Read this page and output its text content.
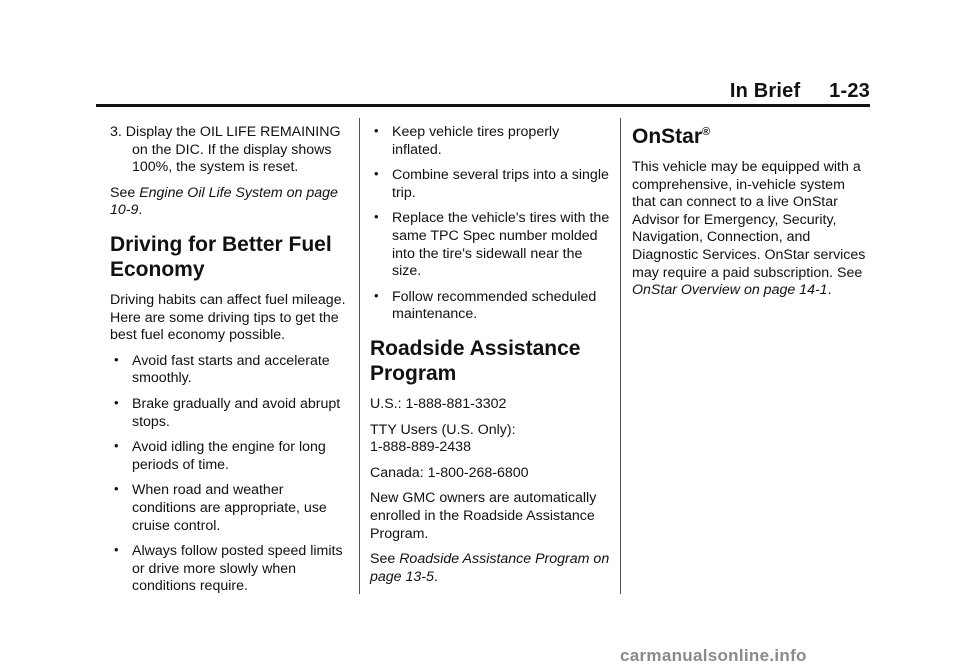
In Brief 1-23

3. Display the OIL LIFE REMAINING on the DIC. If the display shows 100%, the system is reset.

See Engine Oil Life System on page 10-9.

Driving for Better Fuel Economy

Driving habits can affect fuel mileage. Here are some driving tips to get the best fuel economy possible.

• Avoid fast starts and accelerate smoothly.
• Brake gradually and avoid abrupt stops.
• Avoid idling the engine for long periods of time.
• When road and weather conditions are appropriate, use cruise control.
• Always follow posted speed limits or drive more slowly when conditions require.
• Keep vehicle tires properly inflated.
• Combine several trips into a single trip.
• Replace the vehicle's tires with the same TPC Spec number molded into the tire's sidewall near the size.
• Follow recommended scheduled maintenance.
Roadside Assistance Program

U.S.: 1-888-881-3302

TTY Users (U.S. Only):
1-888-889-2438

Canada: 1-800-268-6800

New GMC owners are automatically enrolled in the Roadside Assistance Program.

See Roadside Assistance Program on page 13-5.

OnStar®

This vehicle may be equipped with a comprehensive, in-vehicle system that can connect to a live OnStar Advisor for Emergency, Security, Navigation, Connection, and Diagnostic Services. OnStar services may require a paid subscription. See OnStar Overview on page 14-1.

carmanualsonline.info
